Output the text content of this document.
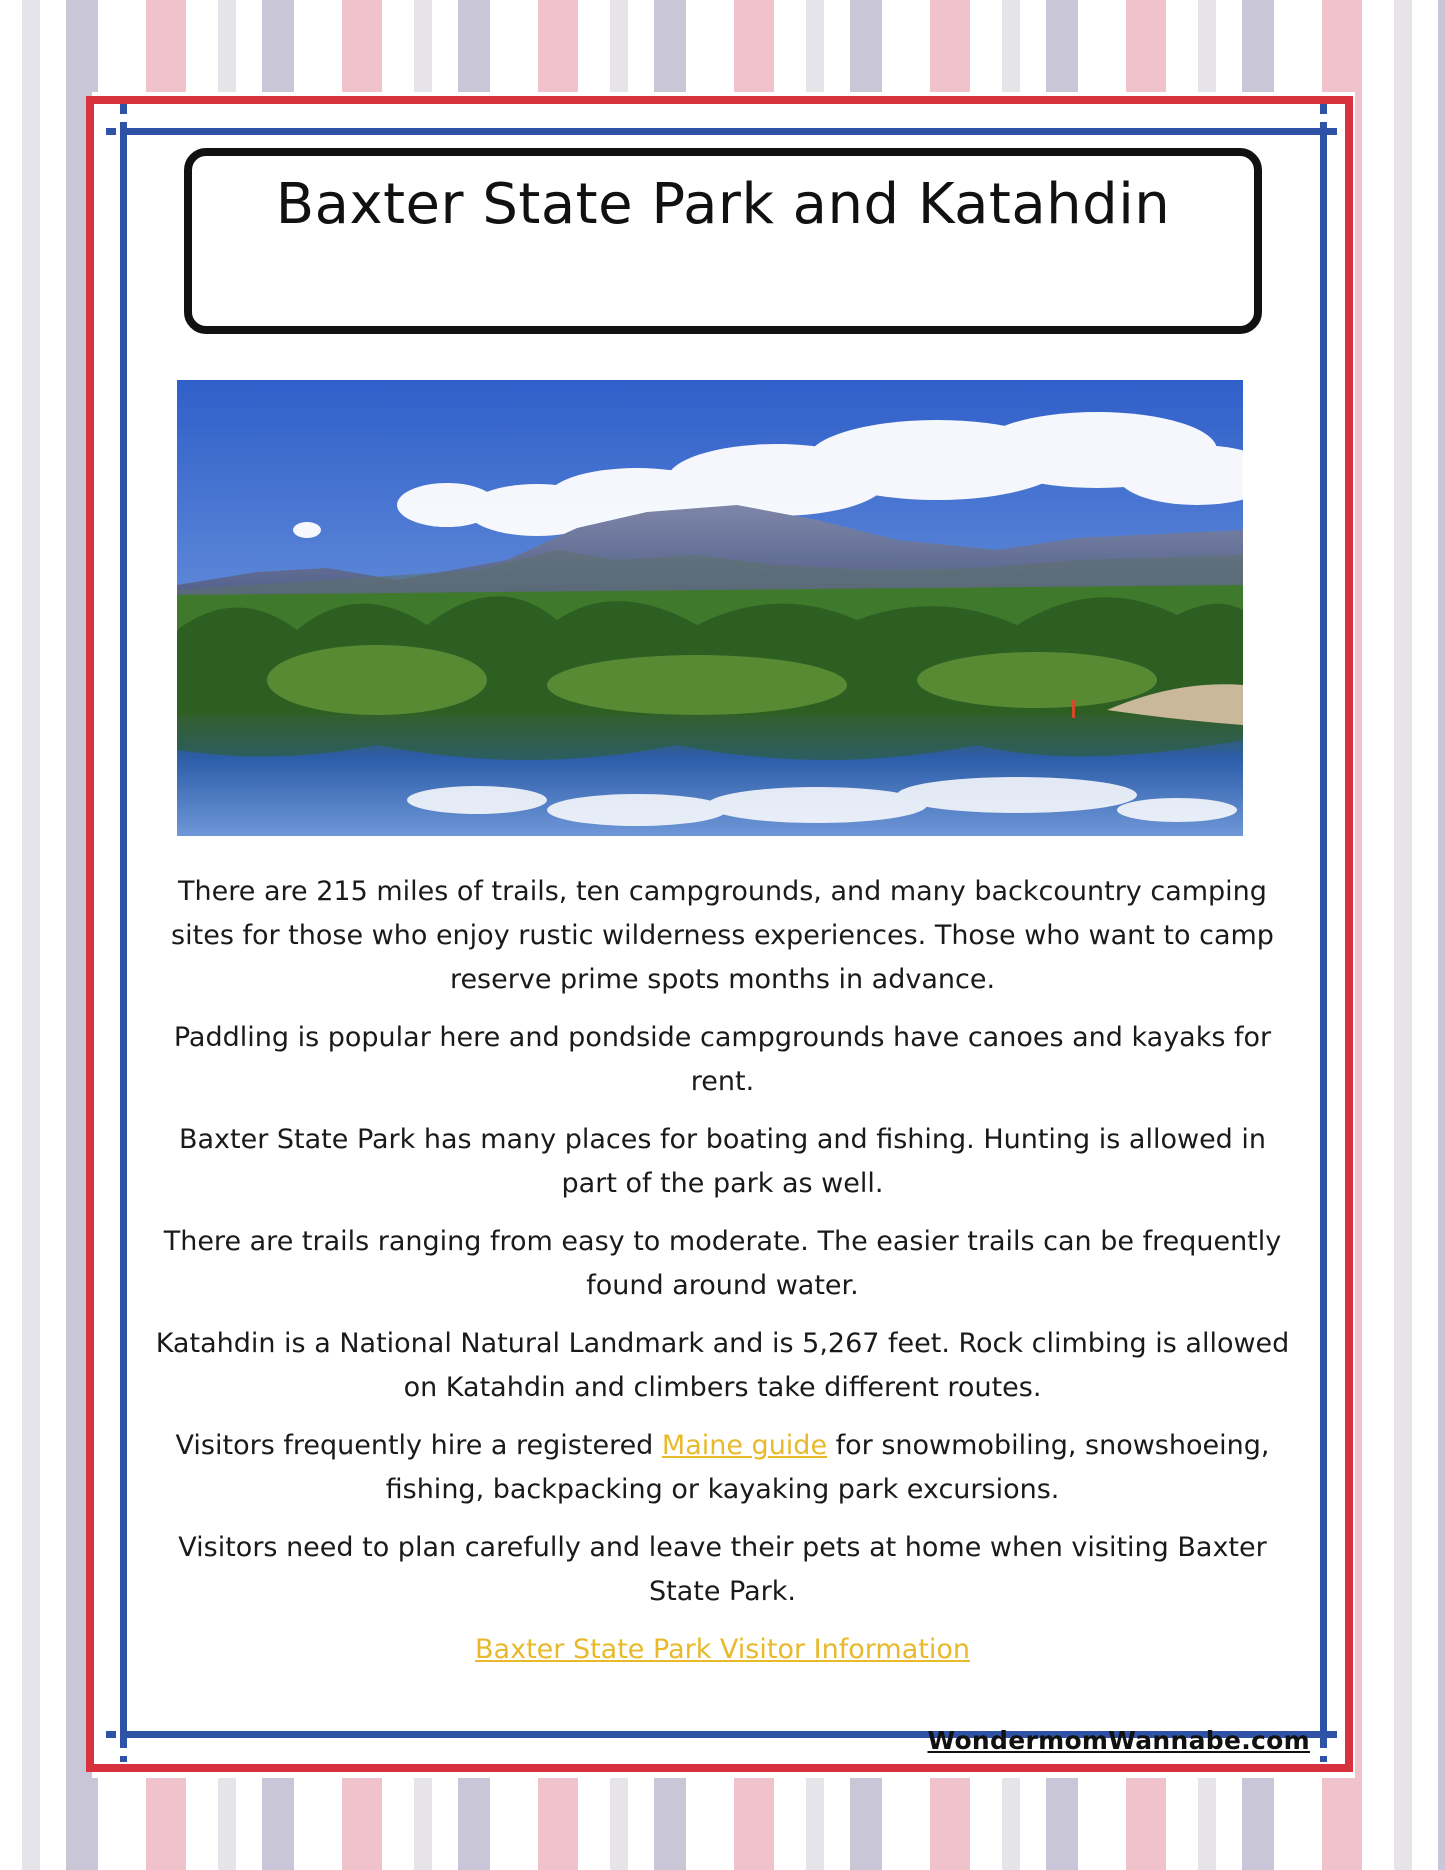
Baxter State Park and Katahdin

There are 215 miles of trails, ten campgrounds, and many backcountry camping sites for those who enjoy rustic wilderness experiences. Those who want to camp reserve prime spots months in advance.

Paddling is popular here and pondside campgrounds have canoes and kayaks for rent.

Baxter State Park has many places for boating and fishing. Hunting is allowed in part of the park as well.

There are trails ranging from easy to moderate. The easier trails can be frequently found around water.

Katahdin is a National Natural Landmark and is 5,267 feet. Rock climbing is allowed on Katahdin and climbers take different routes.

Visitors frequently hire a registered Maine guide for snowmobiling, snowshoeing, fishing, backpacking or kayaking park excursions.

Visitors need to plan carefully and leave their pets at home when visiting Baxter State Park.

Baxter State Park Visitor Information

WondermomWannabe.com
